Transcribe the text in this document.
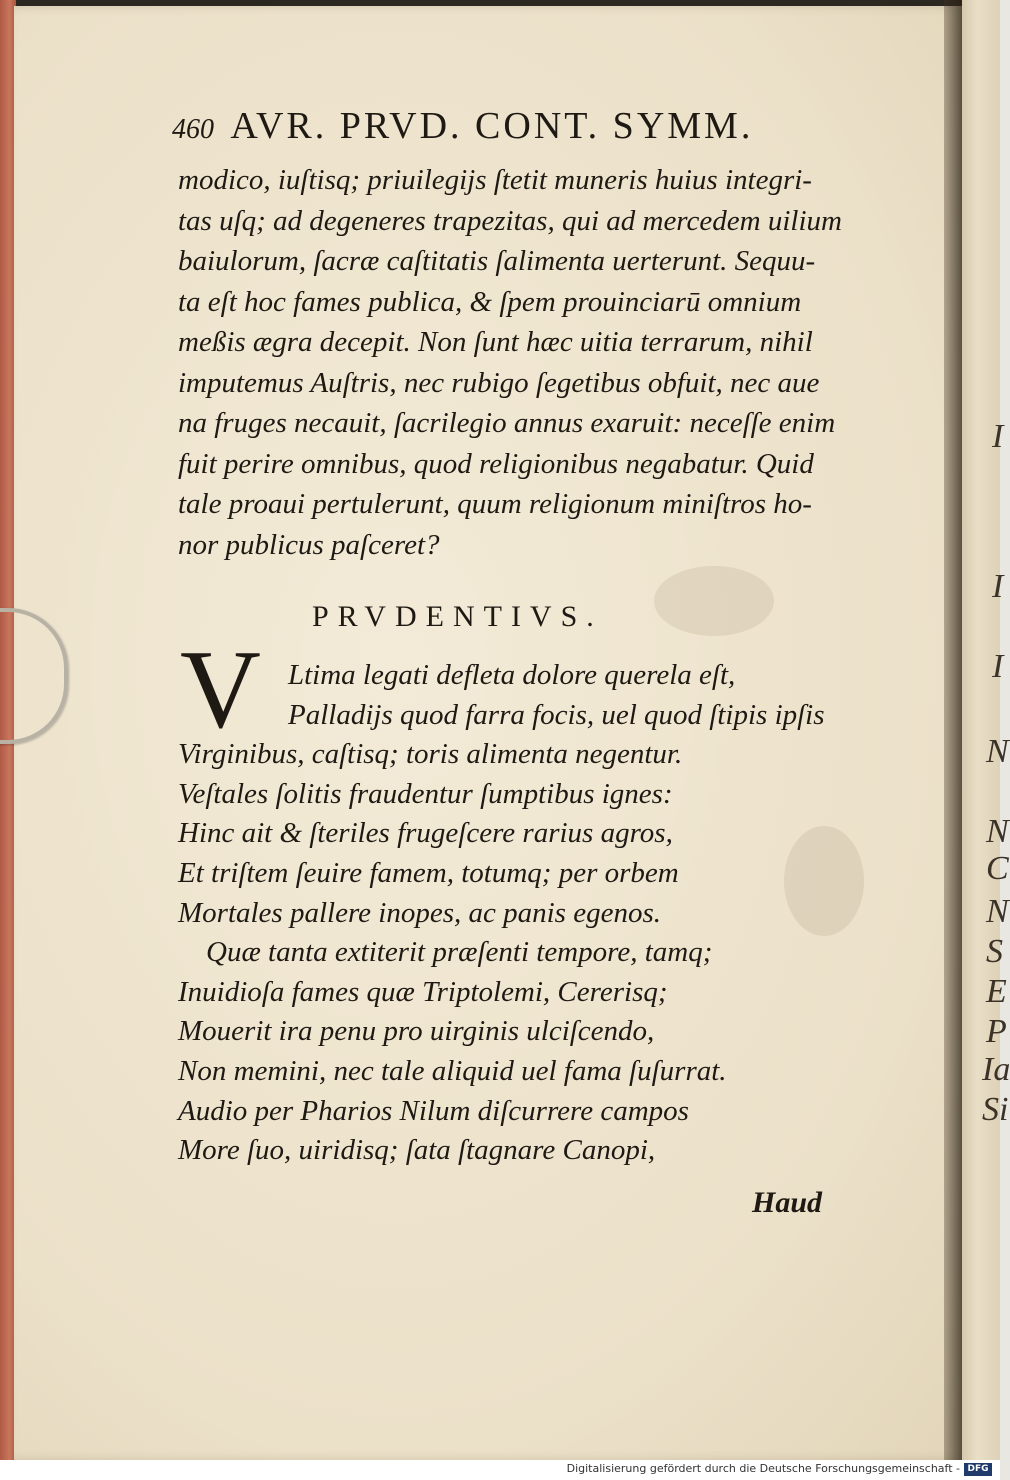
I
I
I
N
N
C
N
S
E
P
Ia
Si
460 AVR. PRVD. CONT. SYMM.
modico, iuſtisq; priuilegijs ſtetit muneris huius integri-
tas uſq; ad degeneres trapezitas, qui ad mercedem uilium
baiulorum, ſacræ caſtitatis ſalimenta uerterunt. Sequu-
ta eſt hoc fames publica, & ſpem prouinciarū omnium
meßis ægra decepit. Non ſunt hæc uitia terrarum, nihil
imputemus Auſtris, nec rubigo ſegetibus obfuit, nec aue
na fruges necauit, ſacrilegio annus exaruit: neceſſe enim
fuit perire omnibus, quod religionibus negabatur. Quid
tale proaui pertulerunt, quum religionum miniſtros ho-
nor publicus paſceret?
PRVDENTIVS.
V Ltima legati defleta dolore querela eſt,
Palladijs quod farra focis, uel quod ſtipis ipſis
Virginibus, caſtisq; toris alimenta negentur.
Veſtales ſolitis fraudentur ſumptibus ignes:
Hinc ait & ſteriles frugeſcere rarius agros,
Et triſtem ſeuire famem, totumq; per orbem
Mortales pallere inopes, ac panis egenos.
Quæ tanta extiterit præſenti tempore, tamq;
Inuidioſa fames quæ Triptolemi, Cererisq;
Mouerit ira penu pro uirginis ulciſcendo,
Non memini, nec tale aliquid uel fama ſuſurrat.
Audio per Pharios Nilum diſcurrere campos
More ſuo, uiridisq; ſata ſtagnare Canopi,
Haud
Digitalisierung gefördert durch die Deutsche Forschungsgemeinschaft - DFG
